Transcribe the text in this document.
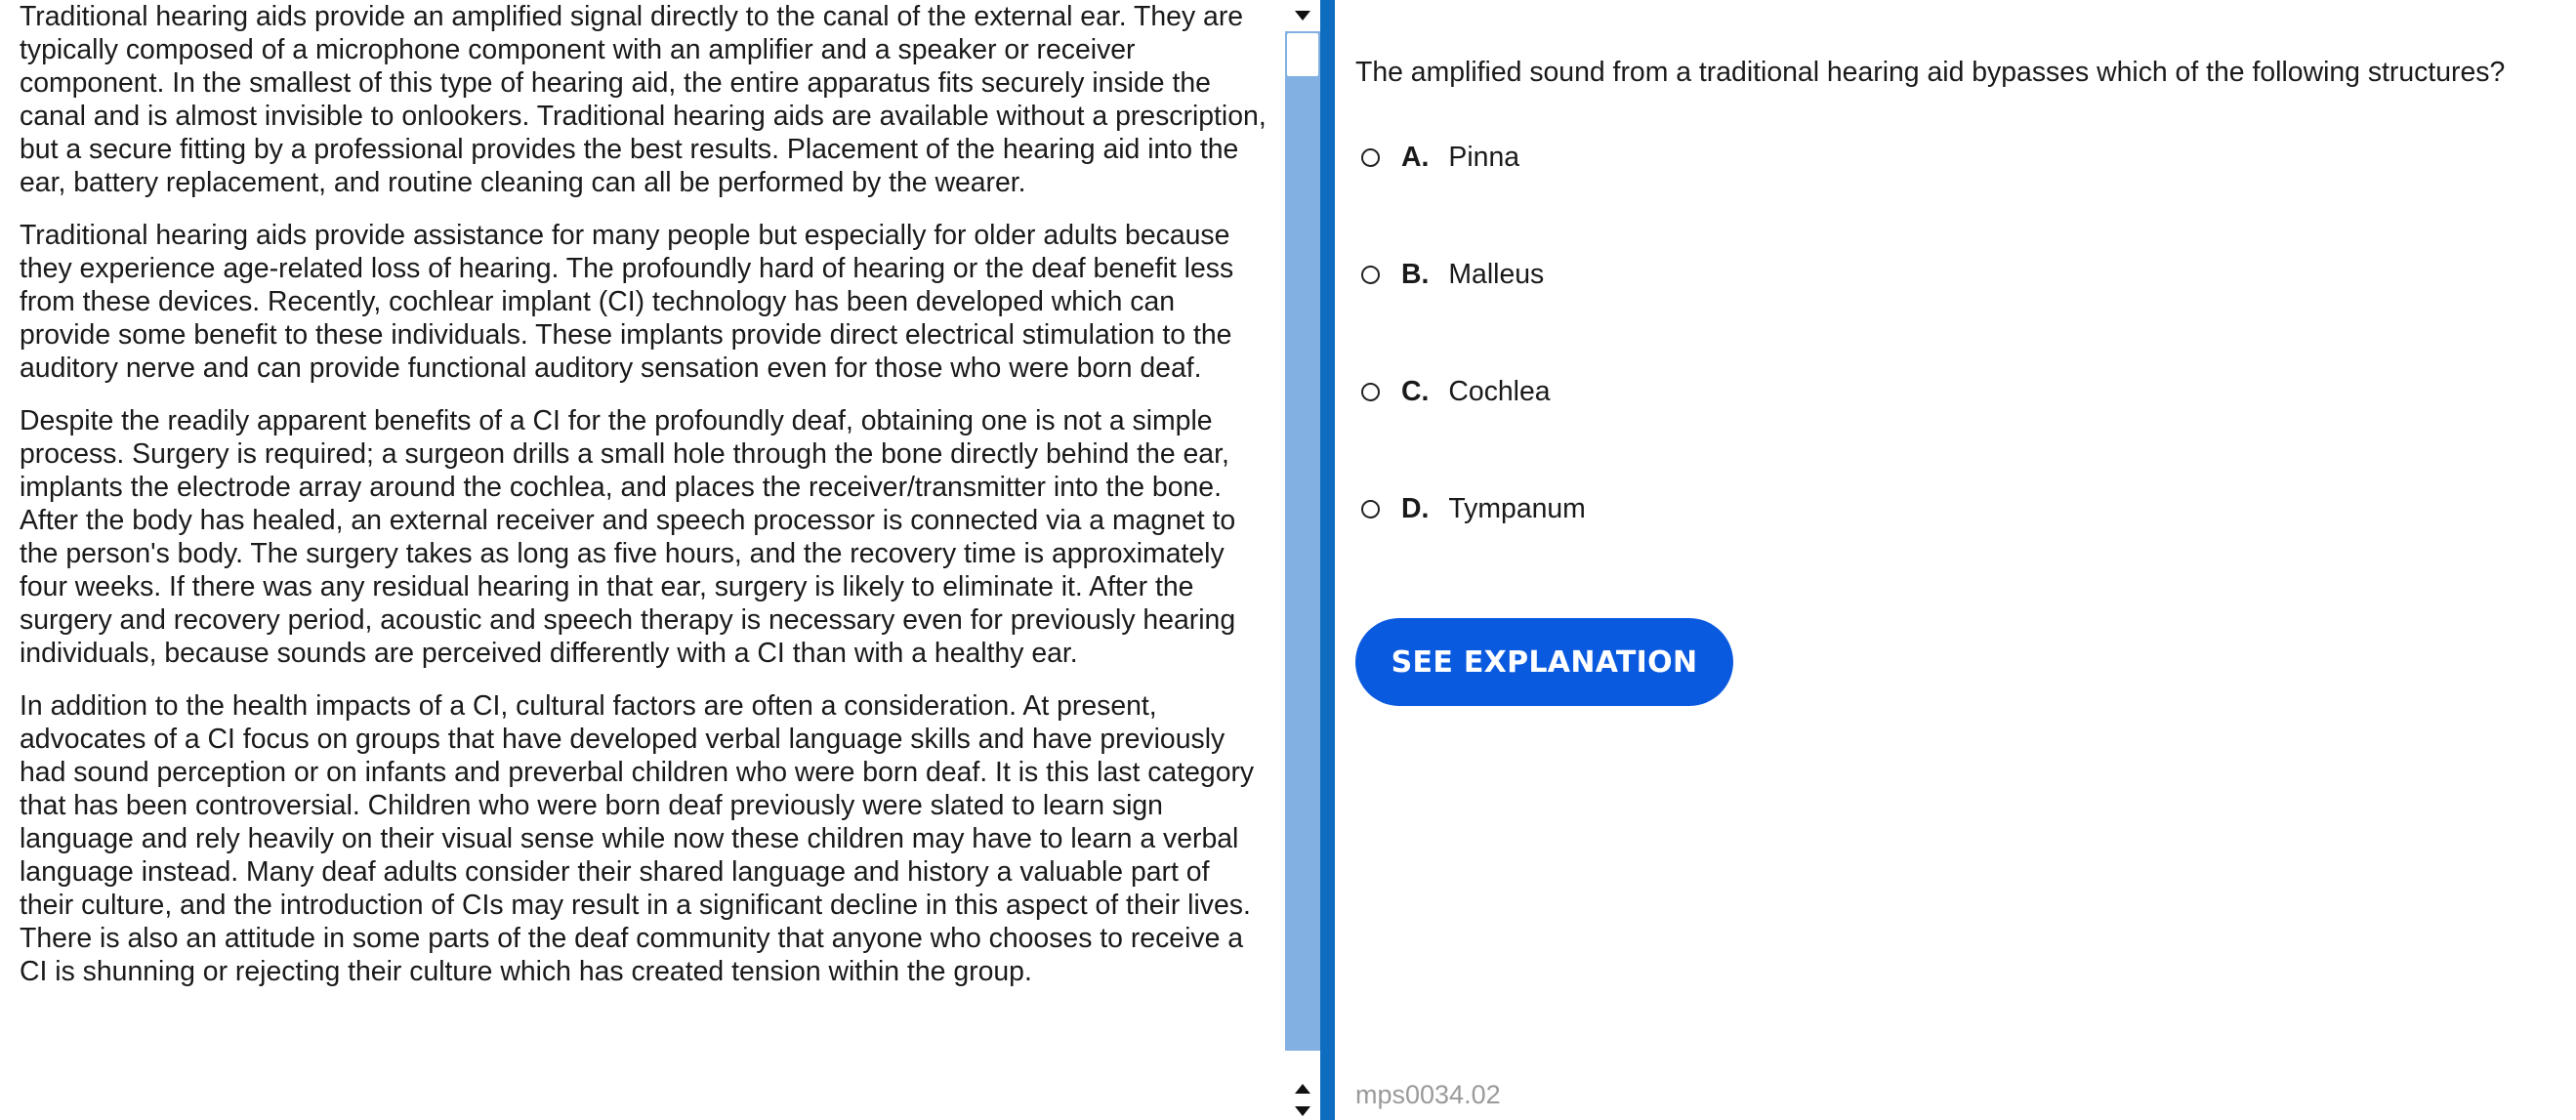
Traditional hearing aids provide an amplified signal directly to the canal of the external ear. They are typically composed of a microphone component with an amplifier and a speaker or receiver component. In the smallest of this type of hearing aid, the entire apparatus fits securely inside the canal and is almost invisible to onlookers. Traditional hearing aids are available without a prescription, but a secure fitting by a professional provides the best results. Placement of the hearing aid into the ear, battery replacement, and routine cleaning can all be performed by the wearer.

Traditional hearing aids provide assistance for many people but especially for older adults because they experience age-related loss of hearing. The profoundly hard of hearing or the deaf benefit less from these devices. Recently, cochlear implant (CI) technology has been developed which can provide some benefit to these individuals. These implants provide direct electrical stimulation to the auditory nerve and can provide functional auditory sensation even for those who were born deaf.

Despite the readily apparent benefits of a CI for the profoundly deaf, obtaining one is not a simple process. Surgery is required; a surgeon drills a small hole through the bone directly behind the ear, implants the electrode array around the cochlea, and places the receiver/transmitter into the bone. After the body has healed, an external receiver and speech processor is connected via a magnet to the person's body. The surgery takes as long as five hours, and the recovery time is approximately four weeks. If there was any residual hearing in that ear, surgery is likely to eliminate it. After the surgery and recovery period, acoustic and speech therapy is necessary even for previously hearing individuals, because sounds are perceived differently with a CI than with a healthy ear.

In addition to the health impacts of a CI, cultural factors are often a consideration. At present, advocates of a CI focus on groups that have developed verbal language skills and have previously had sound perception or on infants and preverbal children who were born deaf. It is this last category that has been controversial. Children who were born deaf previously were slated to learn sign language and rely heavily on their visual sense while now these children may have to learn a verbal language instead. Many deaf adults consider their shared language and history a valuable part of their culture, and the introduction of CIs may result in a significant decline in this aspect of their lives. There is also an attitude in some parts of the deaf community that anyone who chooses to receive a CI is shunning or rejecting their culture which has created tension within the group.

The amplified sound from a traditional hearing aid bypasses which of the following structures?
A. Pinna
B. Malleus
C. Cochlea
D. Tympanum
SEE EXPLANATION
mps0034.02
